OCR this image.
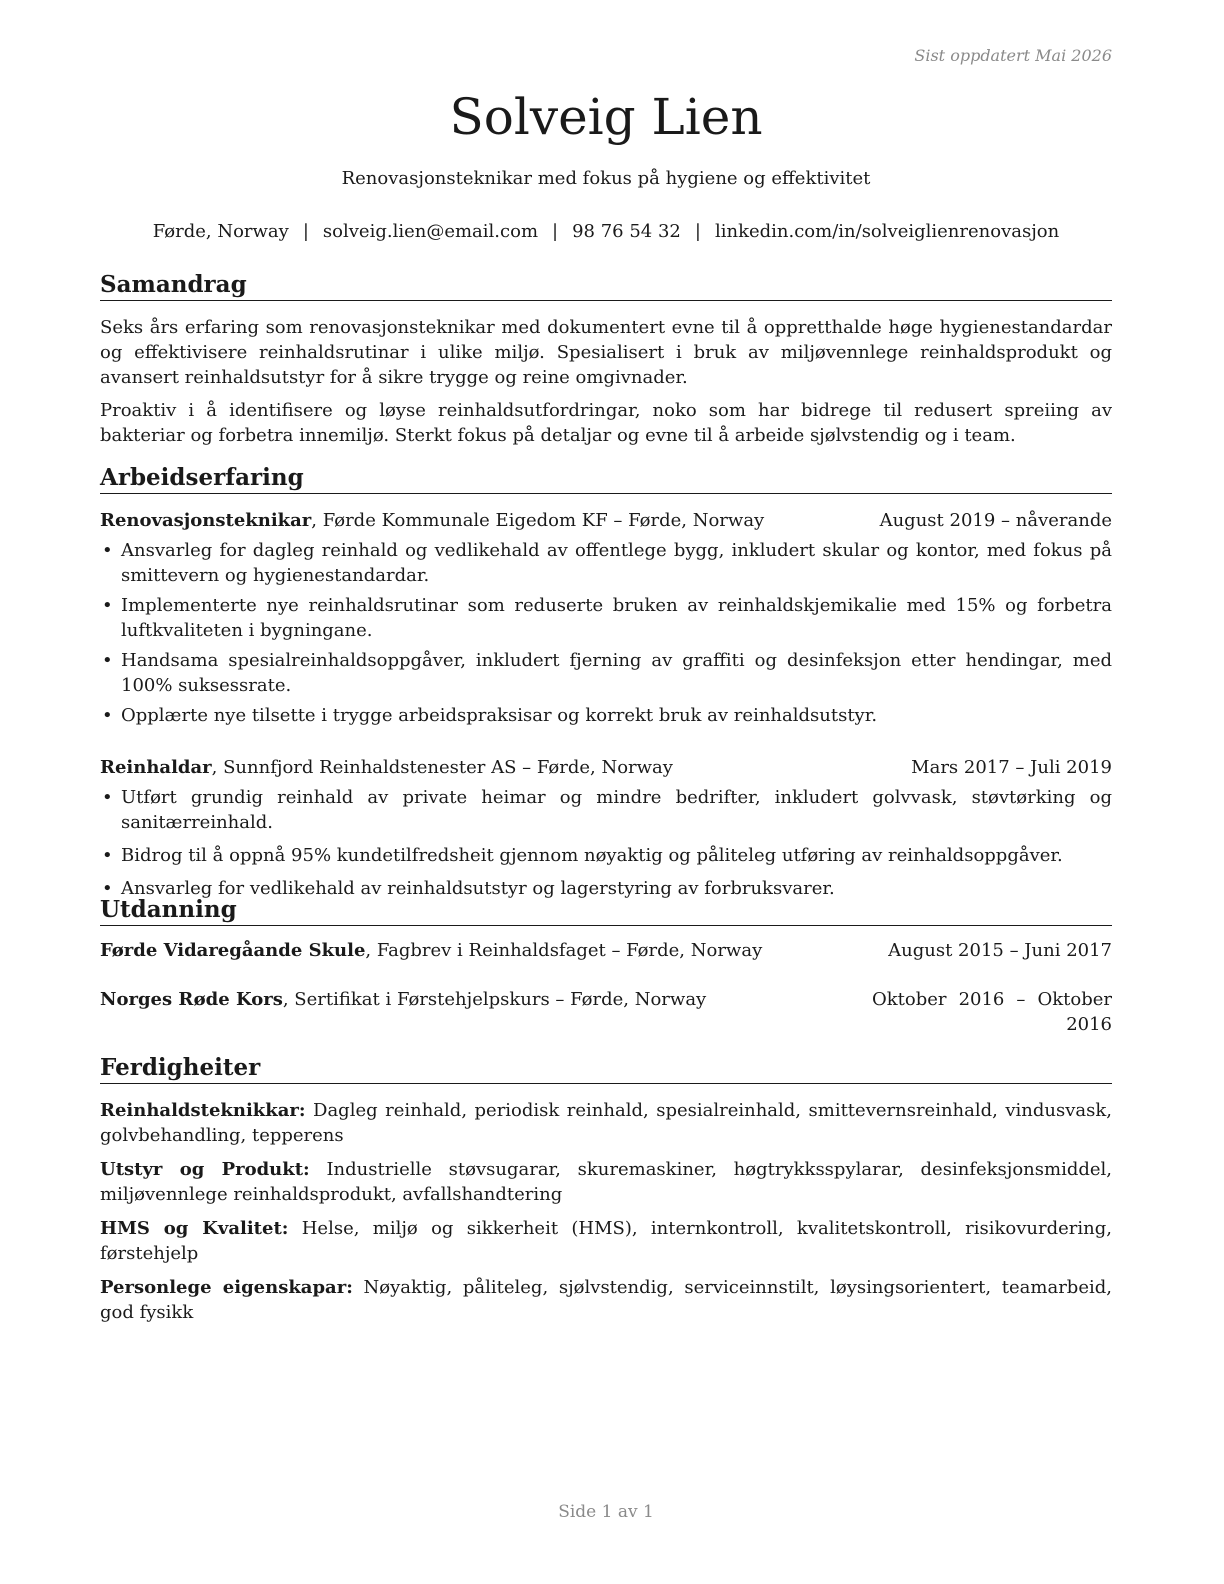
Sist oppdatert Mai 2026
Solveig Lien
Renovasjonsteknikar med fokus på hygiene og effektivitet
Førde, Norway | solveig.lien@email.com | 98 76 54 32 | linkedin.com/in/solveiglienrenovasjon
Samandrag

Seks års erfaring som renovasjonsteknikar med dokumentert evne til å oppretthalde høge hygienestandardar og effektivisere reinhaldsrutinar i ulike miljø. Spesialisert i bruk av miljøvennlege reinhaldsprodukt og avansert reinhaldsutstyr for å sikre trygge og reine omgivnader.

Proaktiv i å identifisere og løyse reinhaldsutfordringar, noko som har bidrege til redusert spreiing av bakteriar og forbetra innemiljø. Sterkt fokus på detaljar og evne til å arbeide sjølvstendig og i team.

Arbeidserfaring
Renovasjonsteknikar, Førde Kommunale Eigedom KF – Førde, Norway	August 2019 – nåverande
• Ansvarleg for dagleg reinhald og vedlikehald av offentlege bygg, inkludert skular og kontor, med fokus på smittevern og hygienestandardar.
• Implementerte nye reinhaldsrutinar som reduserte bruken av reinhaldskjemikalie med 15% og forbetra luftkvaliteten i bygningane.
• Handsama spesialreinhaldsoppgåver, inkludert fjerning av graffiti og desinfeksjon etter hendingar, med 100% suksessrate.
• Opplærte nye tilsette i trygge arbeidspraksisar og korrekt bruk av reinhaldsutstyr.
Reinhaldar, Sunnfjord Reinhaldstenester AS – Førde, Norway	Mars 2017 – Juli 2019
• Utført grundig reinhald av private heimar og mindre bedrifter, inkludert golvvask, støvtørking og sanitærreinhald.
• Bidrog til å oppnå 95% kundetilfredsheit gjennom nøyaktig og påliteleg utføring av reinhaldsoppgåver.
• Ansvarleg for vedlikehald av reinhaldsutstyr og lagerstyring av forbruksvarer.
Utdanning
Førde Vidaregåande Skule, Fagbrev i Reinhaldsfaget – Førde, Norway	August 2015 – Juni 2017
Norges Røde Kors, Sertifikat i Førstehjelpskurs – Førde, Norway	Oktober 2016 – Oktober 2016
Ferdigheiter

Reinhaldsteknikkar: Dagleg reinhald, periodisk reinhald, spesialreinhald, smittevernsreinhald, vindusvask, golvbehandling, tepperens

Utstyr og Produkt: Industrielle støvsugarar, skuremaskiner, høgtrykksspylarar, desinfeksjonsmiddel, miljøvennlege reinhaldsprodukt, avfallshandtering

HMS og Kvalitet: Helse, miljø og sikkerheit (HMS), internkontroll, kvalitetskontroll, risikovurdering, førstehjelp

Personlege eigenskapar: Nøyaktig, påliteleg, sjølvstendig, serviceinnstilt, løysingsorientert, teamarbeid, god fysikk

Side 1 av 1
